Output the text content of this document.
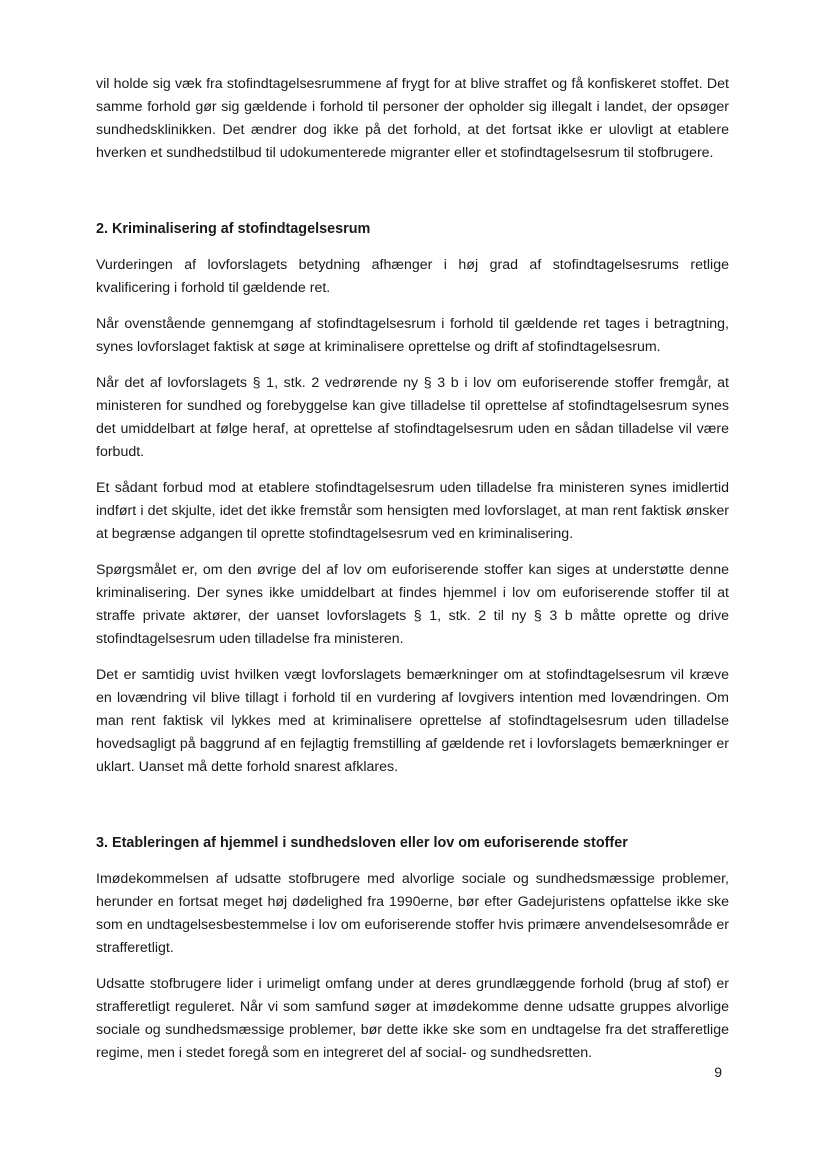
vil holde sig væk fra stofindtagelsesrummene af frygt for at blive straffet og få konfiskeret stoffet. Det samme forhold gør sig gældende i forhold til personer der opholder sig illegalt i landet, der opsøger sundhedsklinikken. Det ændrer dog ikke på det forhold, at det fortsat ikke er ulovligt at etablere hverken et sundhedstilbud til udokumenterede migranter eller et stofindtagelsesrum til stofbrugere.

2. Kriminalisering af stofindtagelsesrum

Vurderingen af lovforslagets betydning afhænger i høj grad af stofindtagelsesrums retlige kvalificering i forhold til gældende ret.

Når ovenstående gennemgang af stofindtagelsesrum i forhold til gældende ret tages i betragtning, synes lovforslaget faktisk at søge at kriminalisere oprettelse og drift af stofindtagelsesrum.

Når det af lovforslagets § 1, stk. 2 vedrørende ny § 3 b i lov om euforiserende stoffer fremgår, at ministeren for sundhed og forebyggelse kan give tilladelse til oprettelse af stofindtagelsesrum synes det umiddelbart at følge heraf, at oprettelse af stofindtagelsesrum uden en sådan tilladelse vil være forbudt.

Et sådant forbud mod at etablere stofindtagelsesrum uden tilladelse fra ministeren synes imidlertid indført i det skjulte, idet det ikke fremstår som hensigten med lovforslaget, at man rent faktisk ønsker at begrænse adgangen til oprette stofindtagelsesrum ved en kriminalisering.

Spørgsmålet er, om den øvrige del af lov om euforiserende stoffer kan siges at understøtte denne kriminalisering. Der synes ikke umiddelbart at findes hjemmel i lov om euforiserende stoffer til at straffe private aktører, der uanset lovforslagets § 1, stk. 2 til ny § 3 b måtte oprette og drive stofindtagelsesrum uden tilladelse fra ministeren.

Det er samtidig uvist hvilken vægt lovforslagets bemærkninger om at stofindtagelsesrum vil kræve en lovændring vil blive tillagt i forhold til en vurdering af lovgivers intention med lovændringen. Om man rent faktisk vil lykkes med at kriminalisere oprettelse af stofindtagelsesrum uden tilladelse hovedsagligt på baggrund af en fejlagtig fremstilling af gældende ret i lovforslagets bemærkninger er uklart. Uanset må dette forhold snarest afklares.

3. Etableringen af hjemmel i sundhedsloven eller lov om euforiserende stoffer

Imødekommelsen af udsatte stofbrugere med alvorlige sociale og sundhedsmæssige problemer, herunder en fortsat meget høj dødelighed fra 1990erne, bør efter Gadejuristens opfattelse ikke ske som en undtagelsesbestemmelse i lov om euforiserende stoffer hvis primære anvendelsesområde er strafferetligt.

Udsatte stofbrugere lider i urimeligt omfang under at deres grundlæggende forhold (brug af stof) er strafferetligt reguleret. Når vi som samfund søger at imødekomme denne udsatte gruppes alvorlige sociale og sundhedsmæssige problemer, bør dette ikke ske som en undtagelse fra det strafferetlige regime, men i stedet foregå som en integreret del af social- og sundhedsretten.

9
